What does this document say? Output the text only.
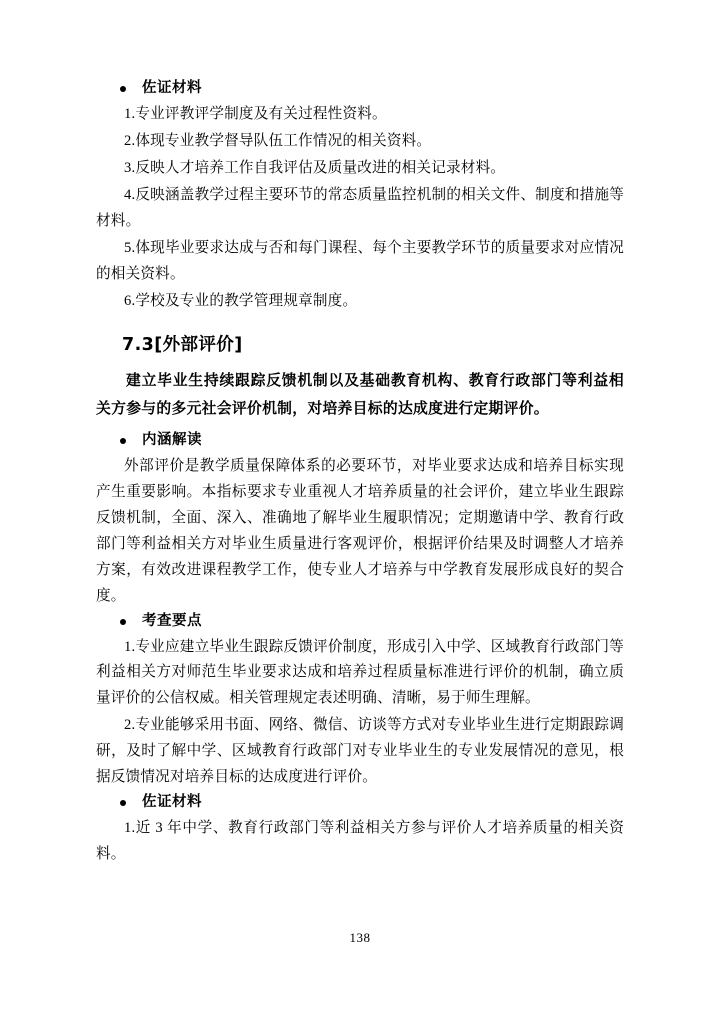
佐证材料

1.专业评教评学制度及有关过程性资料。

2.体现专业教学督导队伍工作情况的相关资料。

3.反映人才培养工作自我评估及质量改进的相关记录材料。

4.反映涵盖教学过程主要环节的常态质量监控机制的相关文件、制度和措施等材料。

5.体现毕业要求达成与否和每门课程、每个主要教学环节的质量要求对应情况的相关资料。

6.学校及专业的教学管理规章制度。

7.3[外部评价]

建立毕业生持续跟踪反馈机制以及基础教育机构、教育行政部门等利益相关方参与的多元社会评价机制，对培养目标的达成度进行定期评价。

内涵解读

外部评价是教学质量保障体系的必要环节，对毕业要求达成和培养目标实现产生重要影响。本指标要求专业重视人才培养质量的社会评价，建立毕业生跟踪反馈机制，全面、深入、准确地了解毕业生履职情况；定期邀请中学、教育行政部门等利益相关方对毕业生质量进行客观评价，根据评价结果及时调整人才培养方案，有效改进课程教学工作，使专业人才培养与中学教育发展形成良好的契合度。

考查要点

1.专业应建立毕业生跟踪反馈评价制度，形成引入中学、区域教育行政部门等利益相关方对师范生毕业要求达成和培养过程质量标准进行评价的机制，确立质量评价的公信权威。相关管理规定表述明确、清晰，易于师生理解。

2.专业能够采用书面、网络、微信、访谈等方式对专业毕业生进行定期跟踪调研，及时了解中学、区域教育行政部门对专业毕业生的专业发展情况的意见，根据反馈情况对培养目标的达成度进行评价。

佐证材料

1.近 3 年中学、教育行政部门等利益相关方参与评价人才培养质量的相关资料。

138
